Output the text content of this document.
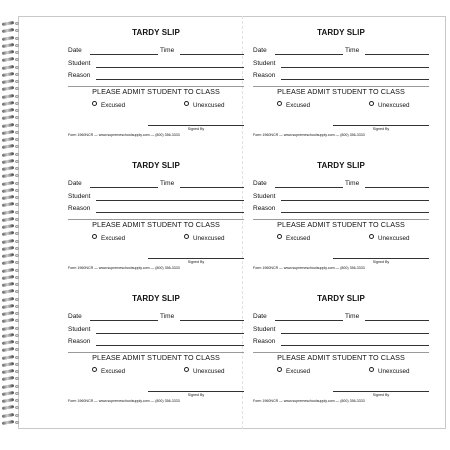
TARDY SLIP
Date	Time
Student
Reason
PLEASE ADMIT STUDENT TO CLASS
Excused	Unexcused
Signed By
Form 1960NCR — www.supremeschoolsupply.com — (800) 356-3333
TARDY SLIP
Date	Time
Student
Reason
PLEASE ADMIT STUDENT TO CLASS
Excused	Unexcused
Signed By
Form 1960NCR — www.supremeschoolsupply.com — (800) 356-3333
TARDY SLIP
Date	Time
Student
Reason
PLEASE ADMIT STUDENT TO CLASS
Excused	Unexcused
Signed By
Form 1960NCR — www.supremeschoolsupply.com — (800) 356-3333
TARDY SLIP
Date	Time
Student
Reason
PLEASE ADMIT STUDENT TO CLASS
Excused	Unexcused
Signed By
Form 1960NCR — www.supremeschoolsupply.com — (800) 356-3333
TARDY SLIP
Date	Time
Student
Reason
PLEASE ADMIT STUDENT TO CLASS
Excused	Unexcused
Signed By
Form 1960NCR — www.supremeschoolsupply.com — (800) 356-3333
TARDY SLIP
Date	Time
Student
Reason
PLEASE ADMIT STUDENT TO CLASS
Excused	Unexcused
Signed By
Form 1960NCR — www.supremeschoolsupply.com — (800) 356-3333
